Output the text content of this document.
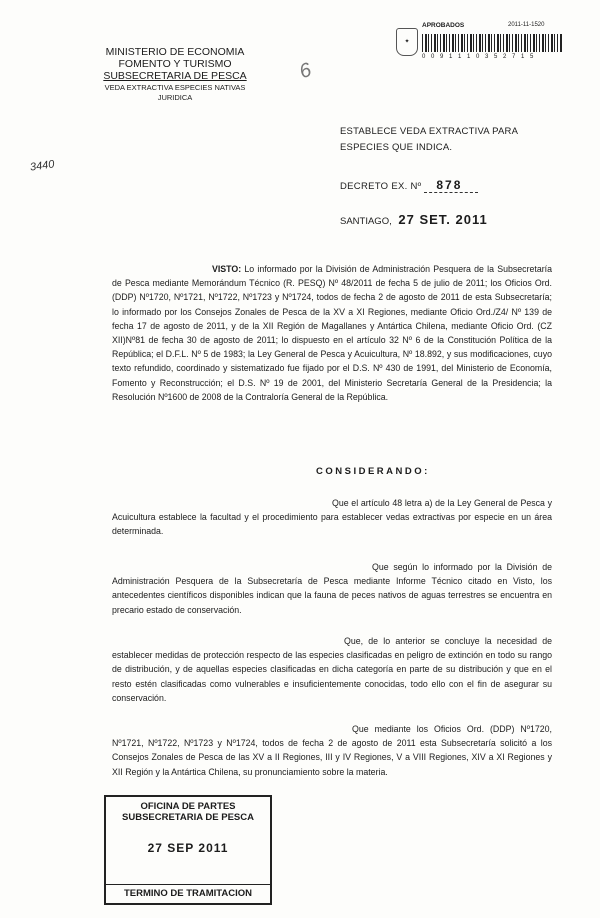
MINISTERIO DE ECONOMIA
FOMENTO Y TURISMO
SUBSECRETARIA DE PESCA
VEDA EXTRACTIVA ESPECIES NATIVAS
JURIDICA
6
✦
APROBADOS	2011-11-1520
0 0 9 1 1 1 0 3 5 2 7 1 5
3440
ESTABLECE VEDA EXTRACTIVA PARA ESPECIES QUE INDICA.
DECRETO EX. Nº 878
SANTIAGO, 27 SET. 2011
VISTO: Lo informado por la División de Administración Pesquera de la Subsecretaría de Pesca mediante Memorándum Técnico (R. PESQ) Nº 48/2011 de fecha 5 de julio de 2011; los Oficios Ord. (DDP) Nº1720, Nº1721, Nº1722, Nº1723 y Nº1724, todos de fecha 2 de agosto de 2011 de esta Subsecretaría; lo informado por los Consejos Zonales de Pesca de la XV a XI Regiones, mediante Oficio Ord./Z4/ Nº 139 de fecha 17 de agosto de 2011, y de la XII Región de Magallanes y Antártica Chilena, mediante Oficio Ord. (CZ XII)Nº81 de fecha 30 de agosto de 2011; lo dispuesto en el artículo 32 Nº 6 de la Constitución Política de la República; el D.F.L. Nº 5 de 1983; la Ley General de Pesca y Acuicultura, Nº 18.892, y sus modificaciones, cuyo texto refundido, coordinado y sistematizado fue fijado por el D.S. Nº 430 de 1991, del Ministerio de Economía, Fomento y Reconstrucción; el D.S. Nº 19 de 2001, del Ministerio Secretaría General de la Presidencia; la Resolución Nº1600 de 2008 de la Contraloría General de la República.
CONSIDERANDO:
Que el artículo 48 letra a) de la Ley General de Pesca y Acuicultura establece la facultad y el procedimiento para establecer vedas extractivas por especie en un área determinada.
Que según lo informado por la División de Administración Pesquera de la Subsecretaría de Pesca mediante Informe Técnico citado en Visto, los antecedentes científicos disponibles indican que la fauna de peces nativos de aguas terrestres se encuentra en precario estado de conservación.
Que, de lo anterior se concluye la necesidad de establecer medidas de protección respecto de las especies clasificadas en peligro de extinción en todo su rango de distribución, y de aquellas especies clasificadas en dicha categoría en parte de su distribución y que en el resto estén clasificadas como vulnerables e insuficientemente conocidas, todo ello con el fin de asegurar su conservación.
Que mediante los Oficios Ord. (DDP) Nº1720, Nº1721, Nº1722, Nº1723 y Nº1724, todos de fecha 2 de agosto de 2011 esta Subsecretaría solicitó a los Consejos Zonales de Pesca de las XV a II Regiones, III y IV Regiones, V a VIII Regiones, XIV a XI Regiones y XII Región y la Antártica Chilena, su pronunciamiento sobre la materia.
OFICINA DE PARTES
SUBSECRETARIA DE PESCA
27 SEP 2011
TERMINO DE TRAMITACION
